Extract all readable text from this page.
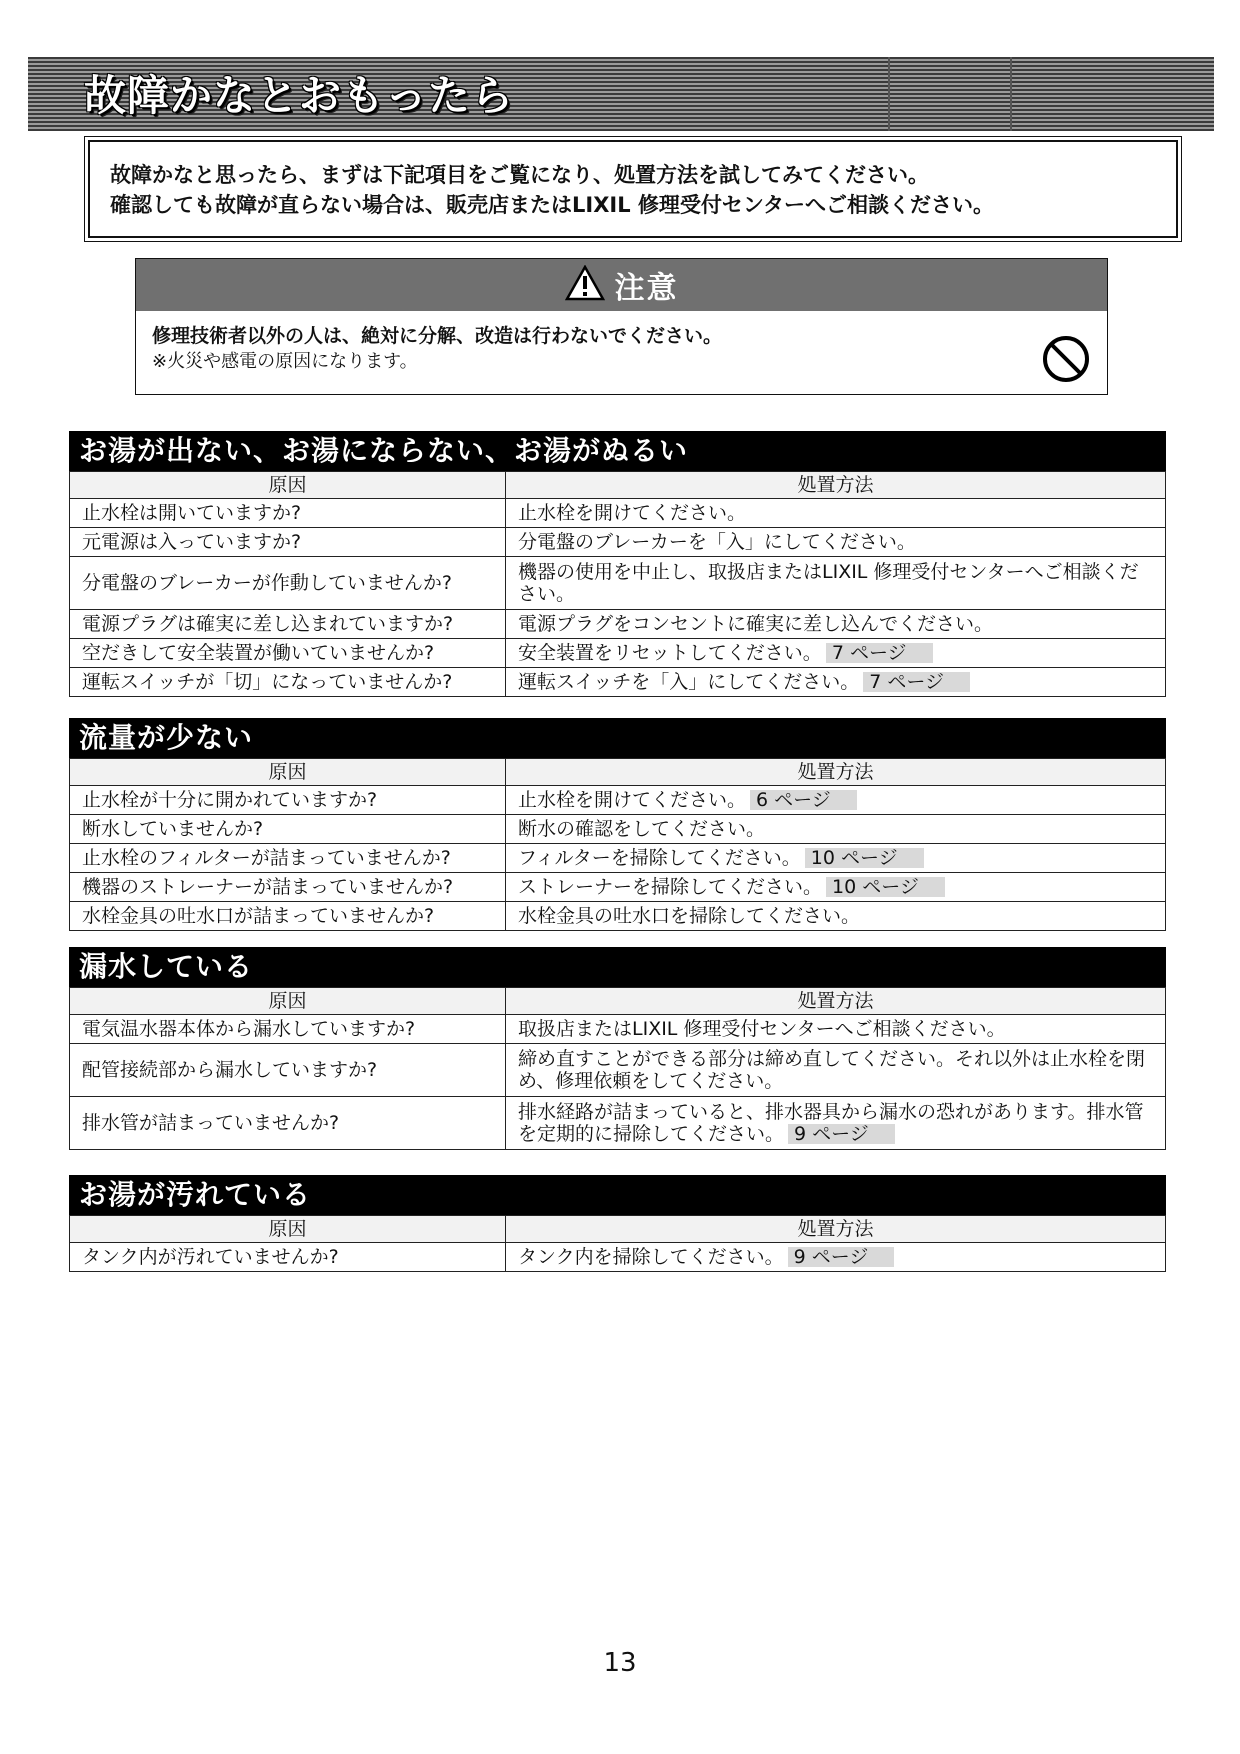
故障かなとおもったら

故障かなと思ったら、まずは下記項目をご覧になり、処置方法を試してみてください。

確認しても故障が直らない場合は、販売店またはLIXIL 修理受付センターへご相談ください。

注意
修理技術者以外の人は、絶対に分解、改造は行わないでください。
※火災や感電の原因になります。
お湯が出ない、お湯にならない、お湯がぬるい
原因	処置方法
止水栓は開いていますか?	止水栓を開けてください。
元電源は入っていますか?	分電盤のブレーカーを「入」にしてください。
分電盤のブレーカーが作動していませんか?	機器の使用を中止し、取扱店またはLIXIL 修理受付センターへご相談ください。
電源プラグは確実に差し込まれていますか?	電源プラグをコンセントに確実に差し込んでください。
空だきして安全装置が働いていませんか?	安全装置をリセットしてください。 7 ページ
運転スイッチが「切」になっていませんか?	運転スイッチを「入」にしてください。 7 ページ
流量が少ない
原因	処置方法
止水栓が十分に開かれていますか?	止水栓を開けてください。 6 ページ
断水していませんか?	断水の確認をしてください。
止水栓のフィルターが詰まっていませんか?	フィルターを掃除してください。 10 ページ
機器のストレーナーが詰まっていませんか?	ストレーナーを掃除してください。 10 ページ
水栓金具の吐水口が詰まっていませんか?	水栓金具の吐水口を掃除してください。
漏水している
原因	処置方法
電気温水器本体から漏水していますか?	取扱店またはLIXIL 修理受付センターへご相談ください。
配管接続部から漏水していますか?	締め直すことができる部分は締め直してください。それ以外は止水栓を閉め、修理依頼をしてください。
排水管が詰まっていませんか?	排水経路が詰まっていると、排水器具から漏水の恐れがあります。排水管を定期的に掃除してください。 9 ページ
お湯が汚れている
原因	処置方法
タンク内が汚れていませんか?	タンク内を掃除してください。 9 ページ
13
